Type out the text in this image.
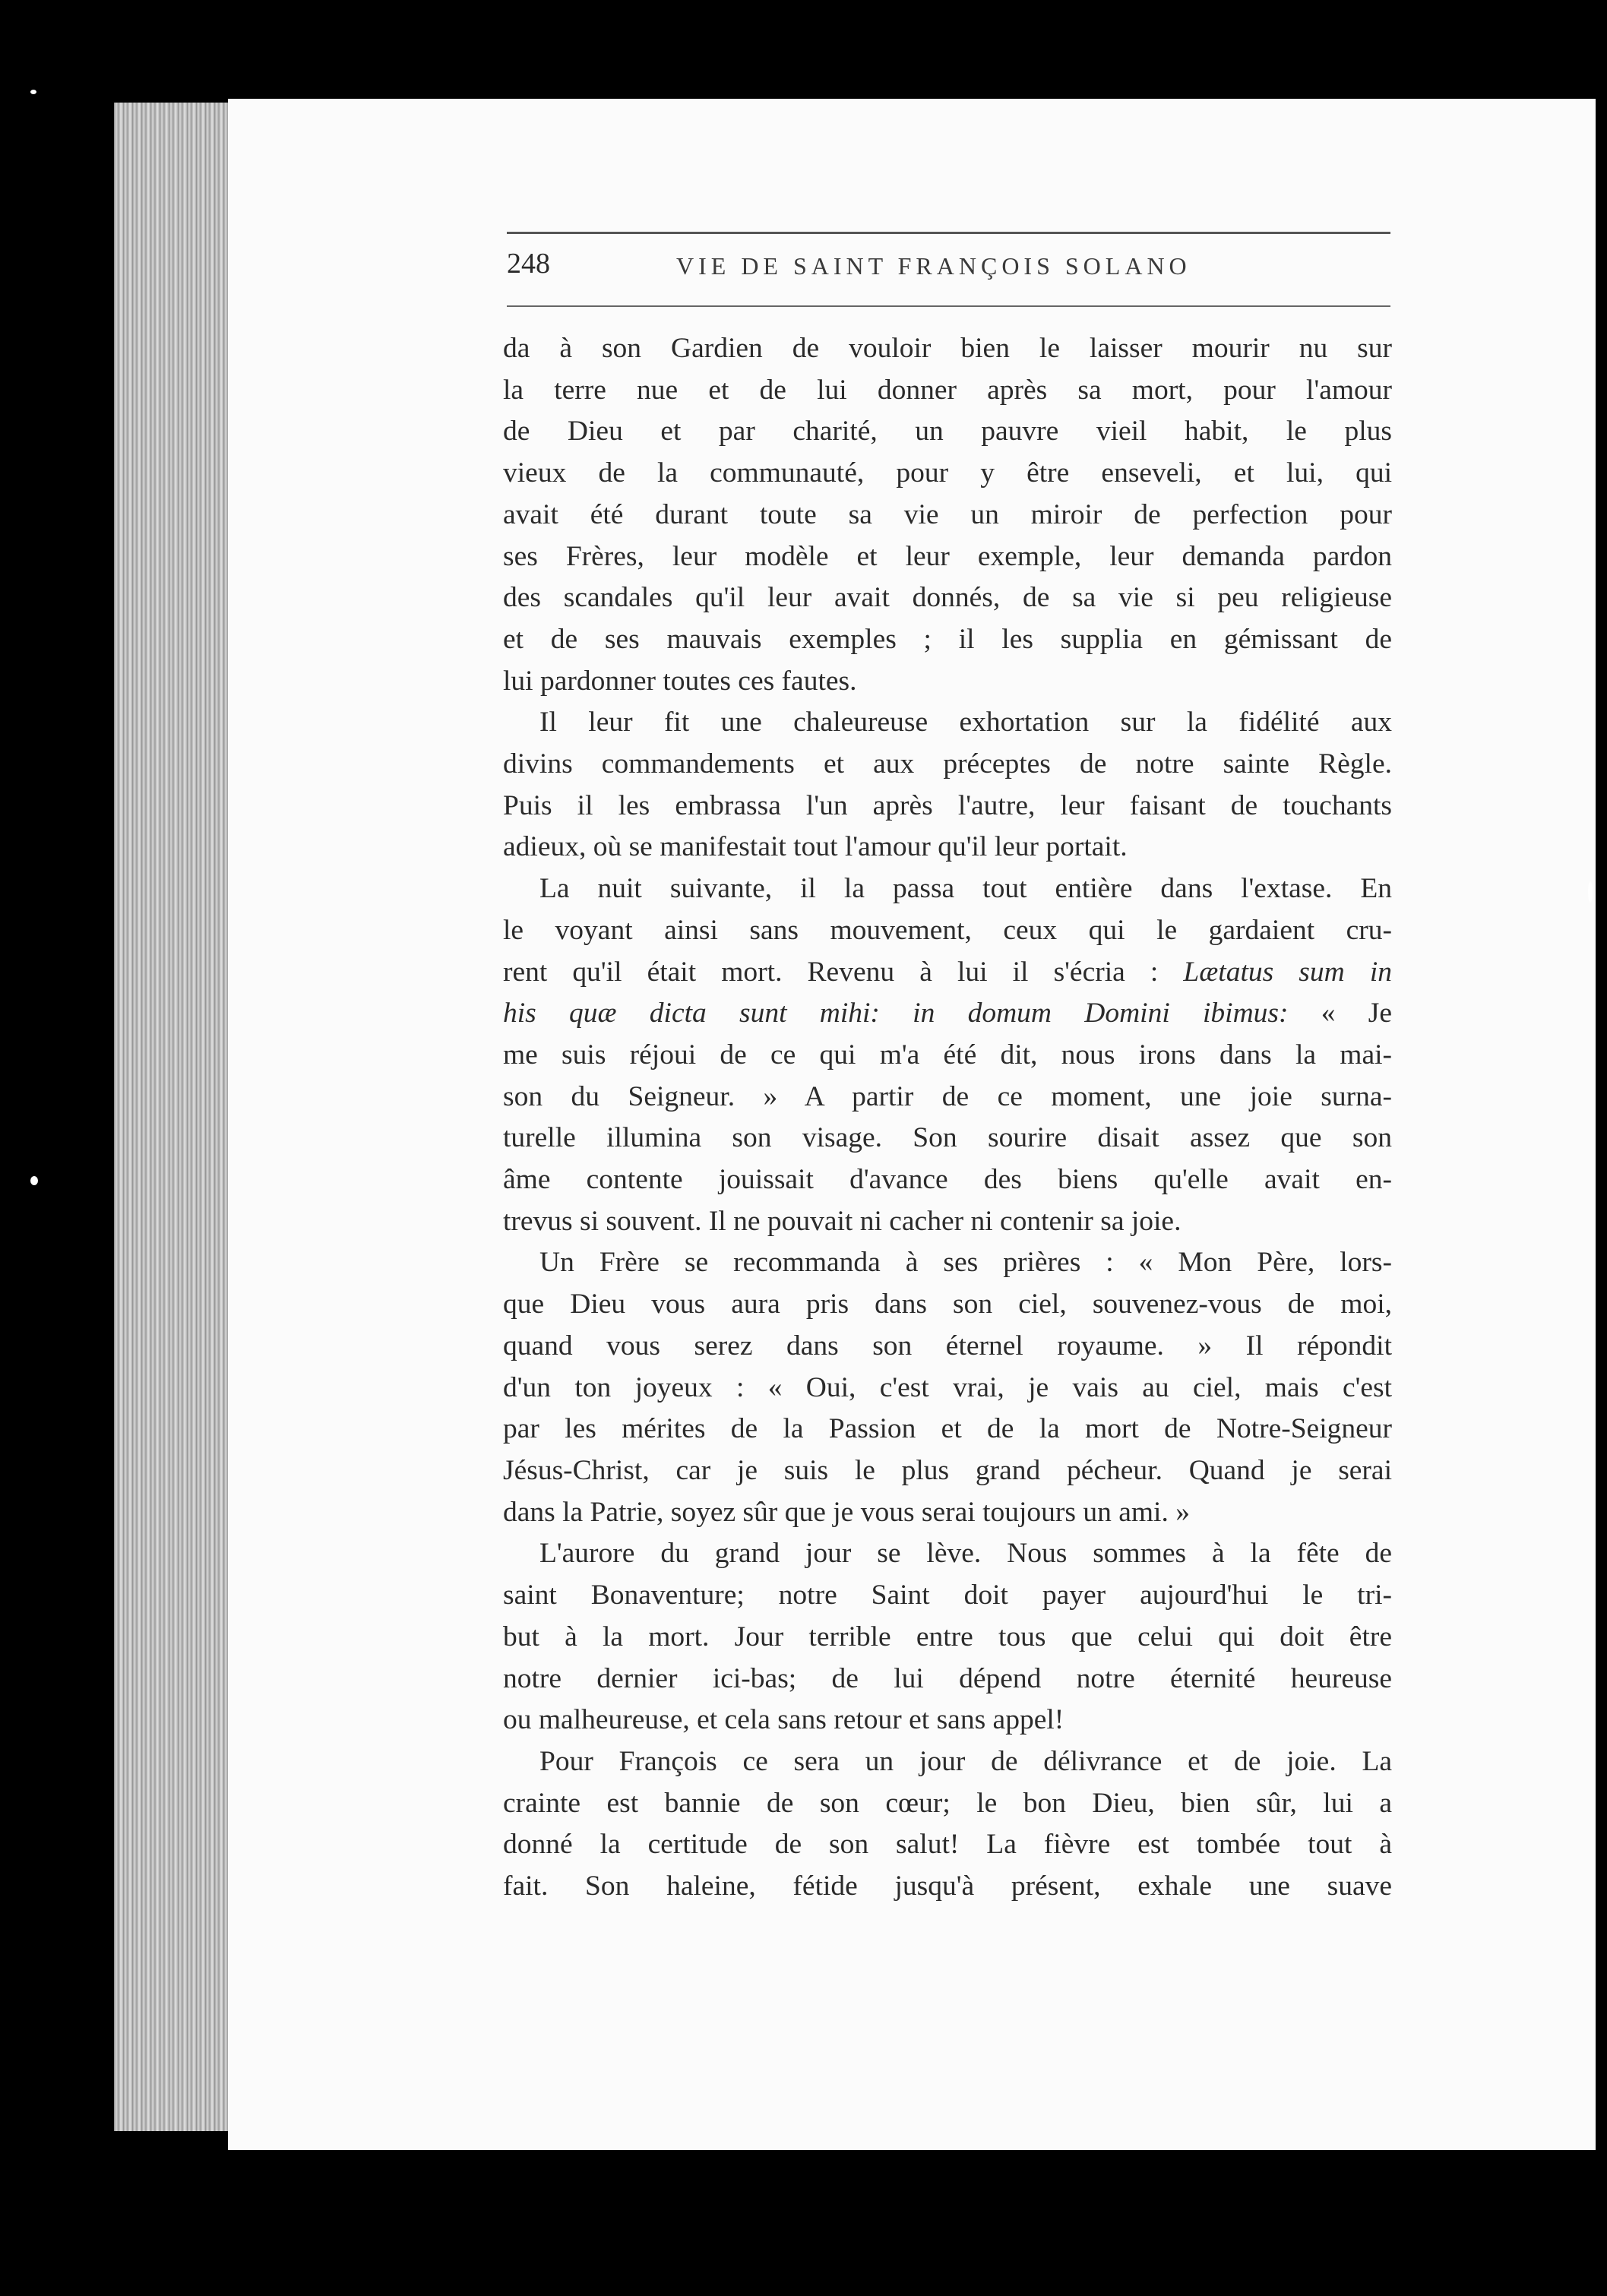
248	VIE DE SAINT FRANÇOIS SOLANO
da à son Gardien de vouloir bien le laisser mourir nu sur
la terre nue et de lui donner après sa mort, pour l'amour
de Dieu et par charité, un pauvre vieil habit, le plus
vieux de la communauté, pour y être enseveli, et lui, qui
avait été durant toute sa vie un miroir de perfection pour
ses Frères, leur modèle et leur exemple, leur demanda pardon
des scandales qu'il leur avait donnés, de sa vie si peu religieuse
et de ses mauvais exemples ; il les supplia en gémissant de
lui pardonner toutes ces fautes.
Il leur fit une chaleureuse exhortation sur la fidélité aux
divins commandements et aux préceptes de notre sainte Règle.
Puis il les embrassa l'un après l'autre, leur faisant de touchants
adieux, où se manifestait tout l'amour qu'il leur portait.
La nuit suivante, il la passa tout entière dans l'extase. En
le voyant ainsi sans mouvement, ceux qui le gardaient cru-
rent qu'il était mort. Revenu à lui il s'écria : Lætatus sum in
his quæ dicta sunt mihi: in domum Domini ibimus: « Je
me suis réjoui de ce qui m'a été dit, nous irons dans la mai-
son du Seigneur. » A partir de ce moment, une joie surna-
turelle illumina son visage. Son sourire disait assez que son
âme contente jouissait d'avance des biens qu'elle avait en-
trevus si souvent. Il ne pouvait ni cacher ni contenir sa joie.
Un Frère se recommanda à ses prières : « Mon Père, lors-
que Dieu vous aura pris dans son ciel, souvenez-vous de moi,
quand vous serez dans son éternel royaume. » Il répondit
d'un ton joyeux : « Oui, c'est vrai, je vais au ciel, mais c'est
par les mérites de la Passion et de la mort de Notre-Seigneur
Jésus-Christ, car je suis le plus grand pécheur. Quand je serai
dans la Patrie, soyez sûr que je vous serai toujours un ami. »
L'aurore du grand jour se lève. Nous sommes à la fête de
saint Bonaventure; notre Saint doit payer aujourd'hui le tri-
but à la mort. Jour terrible entre tous que celui qui doit être
notre dernier ici-bas; de lui dépend notre éternité heureuse
ou malheureuse, et cela sans retour et sans appel!
Pour François ce sera un jour de délivrance et de joie. La
crainte est bannie de son cœur; le bon Dieu, bien sûr, lui a
donné la certitude de son salut! La fièvre est tombée tout à
fait. Son haleine, fétide jusqu'à présent, exhale une suave
